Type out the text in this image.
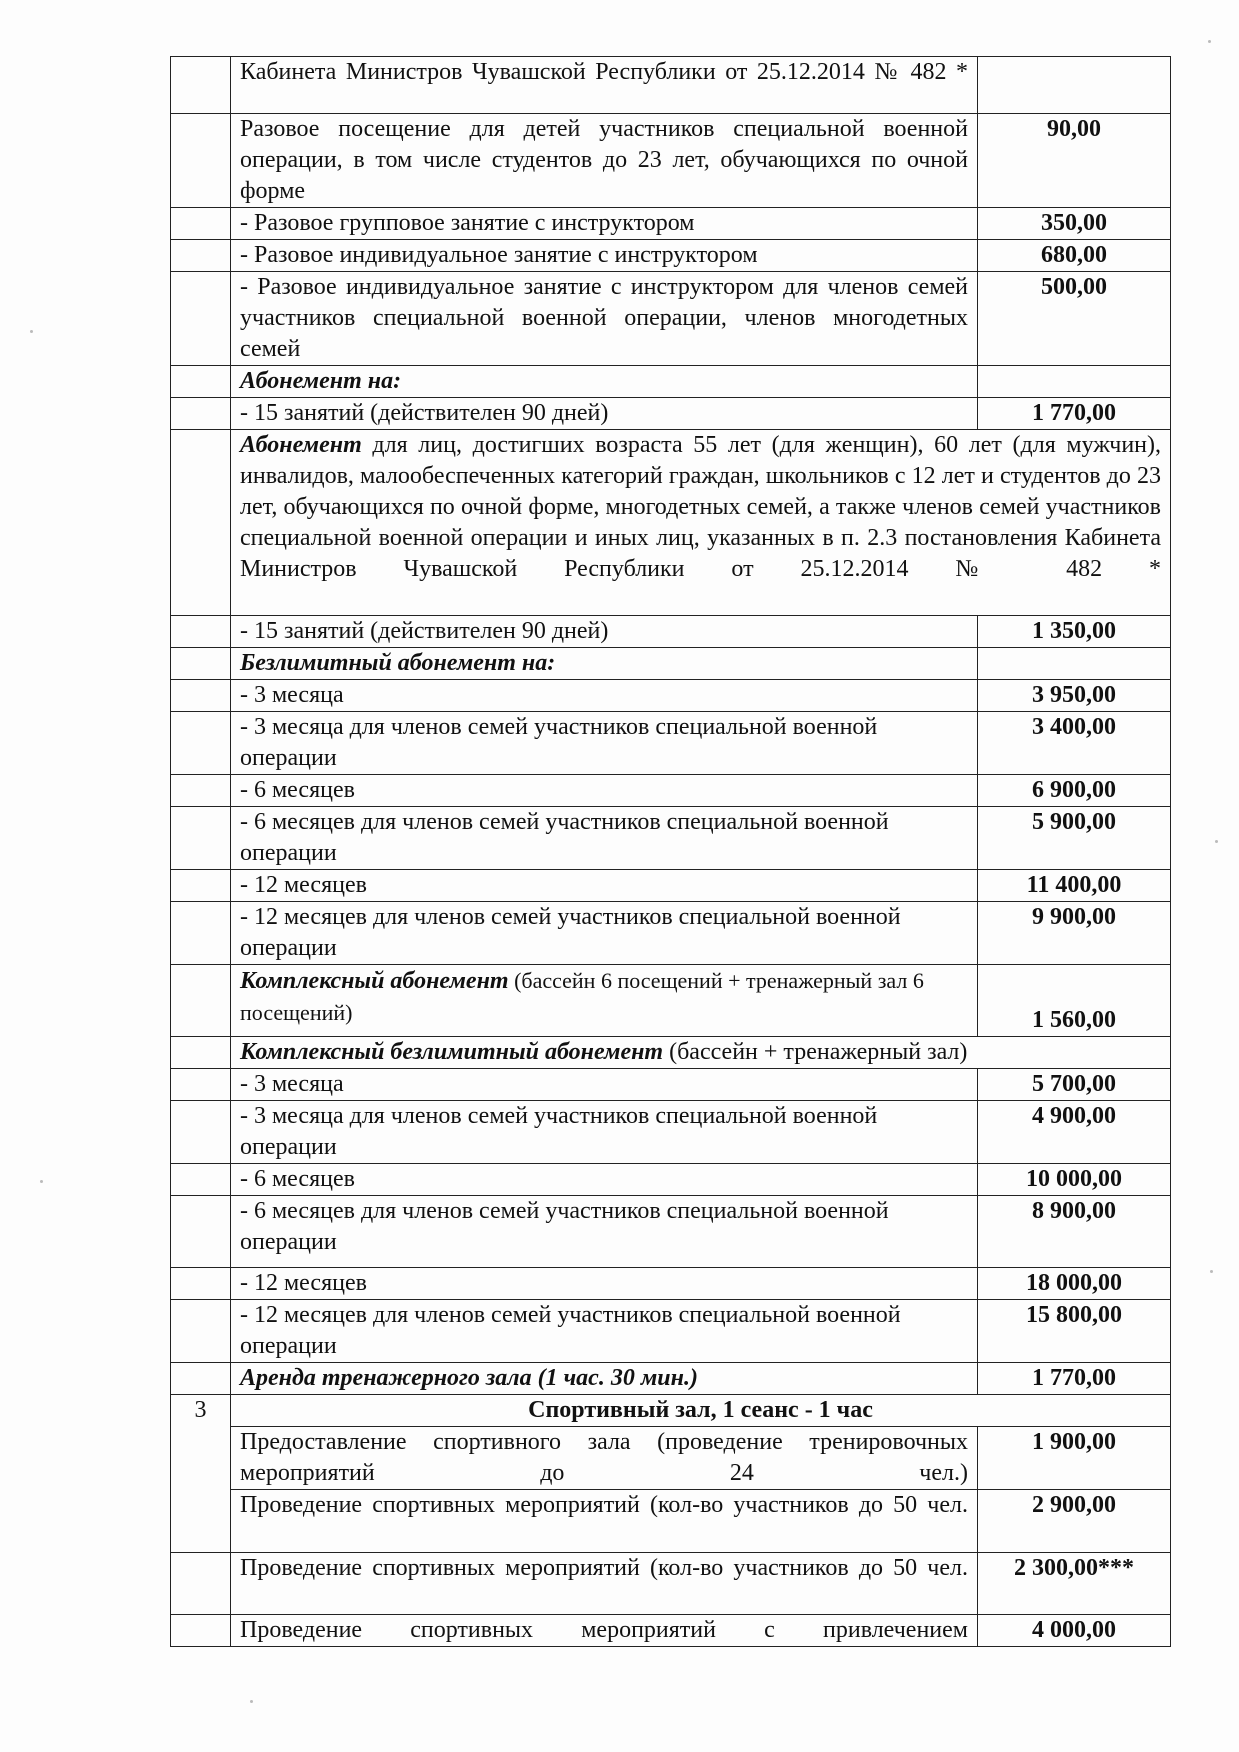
	Кабинета Министров Чувашской Республики от 25.12.2014 № 482 *	
	Разовое посещение для детей участников специальной военной операции, в том числе студентов до 23 лет, обучающихся по очной форме	90,00
	- Разовое групповое занятие с инструктором	350,00
	- Разовое индивидуальное занятие с инструктором	680,00
	- Разовое индивидуальное занятие с инструктором для членов семей участников специальной военной операции, членов многодетных семей	500,00
	Абонемент на:	
	- 15 занятий (действителен 90 дней)	1 770,00
	Абонемент для лиц, достигших возраста 55 лет (для женщин), 60 лет (для мужчин), инвалидов, малообеспеченных категорий граждан, школьников с 12 лет и студентов до 23 лет, обучающихся по очной форме, многодетных семей, а также членов семей участников специальной военной операции и иных лиц, указанных в п. 2.3 постановления Кабинета Министров Чувашской Республики от 25.12.2014 № 482 *	
	- 15 занятий (действителен 90 дней)	1 350,00
	Безлимитный абонемент на:	
	- 3 месяца	3 950,00
	- 3 месяца для членов семей участников специальной военной операции	3 400,00
	- 6 месяцев	6 900,00
	- 6 месяцев для членов семей участников специальной военной операции	5 900,00
	- 12 месяцев	11 400,00
	- 12 месяцев для членов семей участников специальной военной операции	9 900,00
	Комплексный абонемент (бассейн 6 посещений + тренажерный зал 6 посещений)	1 560,00
	Комплексный безлимитный абонемент (бассейн + тренажерный зал)	
	- 3 месяца	5 700,00
	- 3 месяца для членов семей участников специальной военной операции	4 900,00
	- 6 месяцев	10 000,00
	- 6 месяцев для членов семей участников специальной военной операции	8 900,00
	- 12 месяцев	18 000,00
	- 12 месяцев для членов семей участников специальной военной операции	15 800,00
	Аренда тренажерного зала (1 час. 30 мин.)	1 770,00
3	Спортивный зал, 1 сеанс - 1 час	
	Предоставление спортивного зала (проведение тренировочных мероприятий до 24 чел.)	1 900,00
	Проведение спортивных мероприятий (кол-во участников до 50 чел.	2 900,00
	Проведение спортивных мероприятий (кол-во участников до 50 чел.	2 300,00***
	Проведение спортивных мероприятий с привлечением	4 000,00
